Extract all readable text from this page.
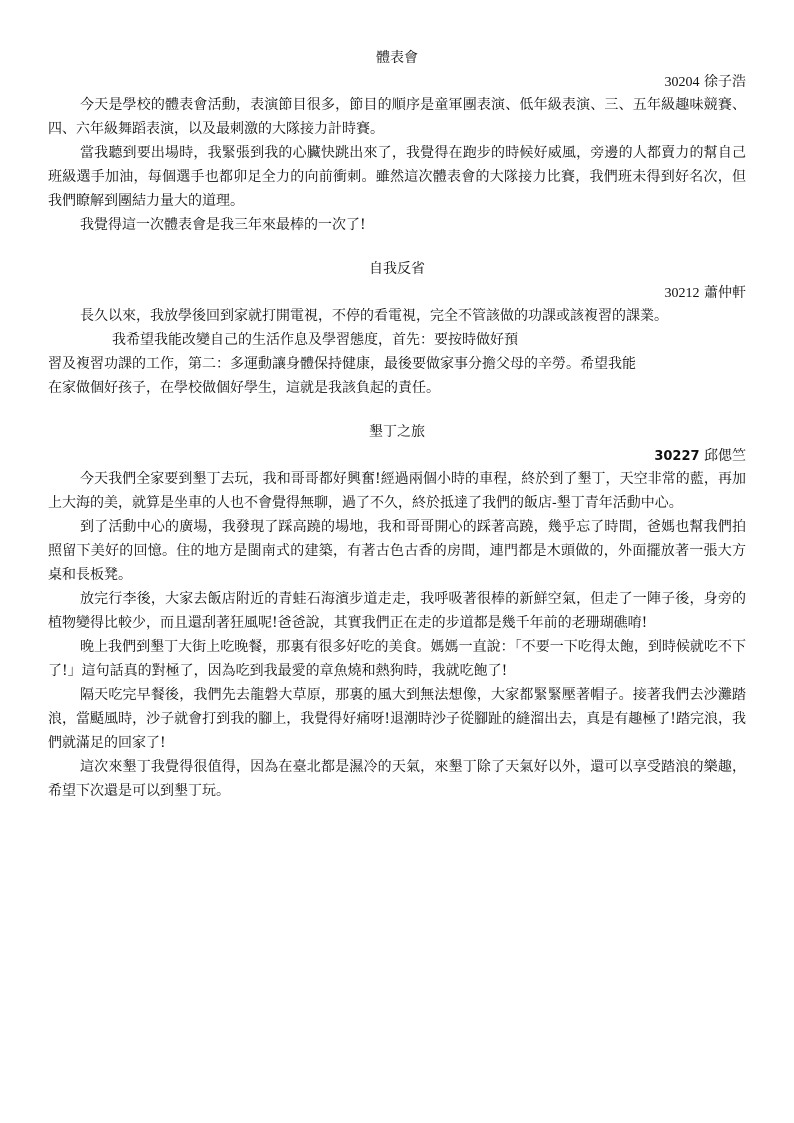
體表會

30204 徐子浩

今天是學校的體表會活動，表演節目很多，節目的順序是童軍團表演、低年級表演、三、五年級趣味競賽、四、六年級舞蹈表演，以及最刺激的大隊接力計時賽。

當我聽到要出場時，我緊張到我的心臟快跳出來了，我覺得在跑步的時候好威風，旁邊的人都賣力的幫自己班級選手加油，每個選手也都卯足全力的向前衝刺。雖然這次體表會的大隊接力比賽，我們班未得到好名次，但我們瞭解到團結力量大的道理。

我覺得這一次體表會是我三年來最棒的一次了!

自我反省

30212 蕭仲軒

長久以來，我放學後回到家就打開電視，不停的看電視，完全不管該做的功課或該複習的課業。

我希望我能改變自己的生活作息及學習態度，首先：要按時做好預

習及複習功課的工作，第二：多運動讓身體保持健康，最後要做家事分擔父母的辛勞。希望我能

在家做個好孩子，在學校做個好學生，這就是我該負起的責任。

墾丁之旅

30227 邱偲竺

今天我們全家要到墾丁去玩，我和哥哥都好興奮!經過兩個小時的車程，終於到了墾丁，天空非常的藍，再加上大海的美，就算是坐車的人也不會覺得無聊，過了不久，終於抵達了我們的飯店-墾丁青年活動中心。

到了活動中心的廣場，我發現了踩高蹺的場地，我和哥哥開心的踩著高蹺，幾乎忘了時間，爸媽也幫我們拍照留下美好的回憶。住的地方是閩南式的建築，有著古色古香的房間，連門都是木頭做的，外面擺放著一張大方桌和長板凳。

放完行李後，大家去飯店附近的青蛙石海濱步道走走，我呼吸著很棒的新鮮空氣，但走了一陣子後，身旁的植物變得比較少，而且還刮著狂風呢!爸爸說，其實我們正在走的步道都是幾千年前的老珊瑚礁唷!

晚上我們到墾丁大街上吃晚餐，那裏有很多好吃的美食。媽媽一直說：「不要一下吃得太飽，到時候就吃不下了!」這句話真的對極了，因為吃到我最愛的章魚燒和熱狗時，我就吃飽了!

隔天吃完早餐後，我們先去龍磐大草原，那裏的風大到無法想像，大家都緊緊壓著帽子。接著我們去沙灘踏浪，當颳風時，沙子就會打到我的腳上，我覺得好痛呀!退潮時沙子從腳趾的縫溜出去，真是有趣極了!踏完浪，我們就滿足的回家了!

這次來墾丁我覺得很值得，因為在臺北都是濕冷的天氣，來墾丁除了天氣好以外，還可以享受踏浪的樂趣，希望下次還是可以到墾丁玩。
